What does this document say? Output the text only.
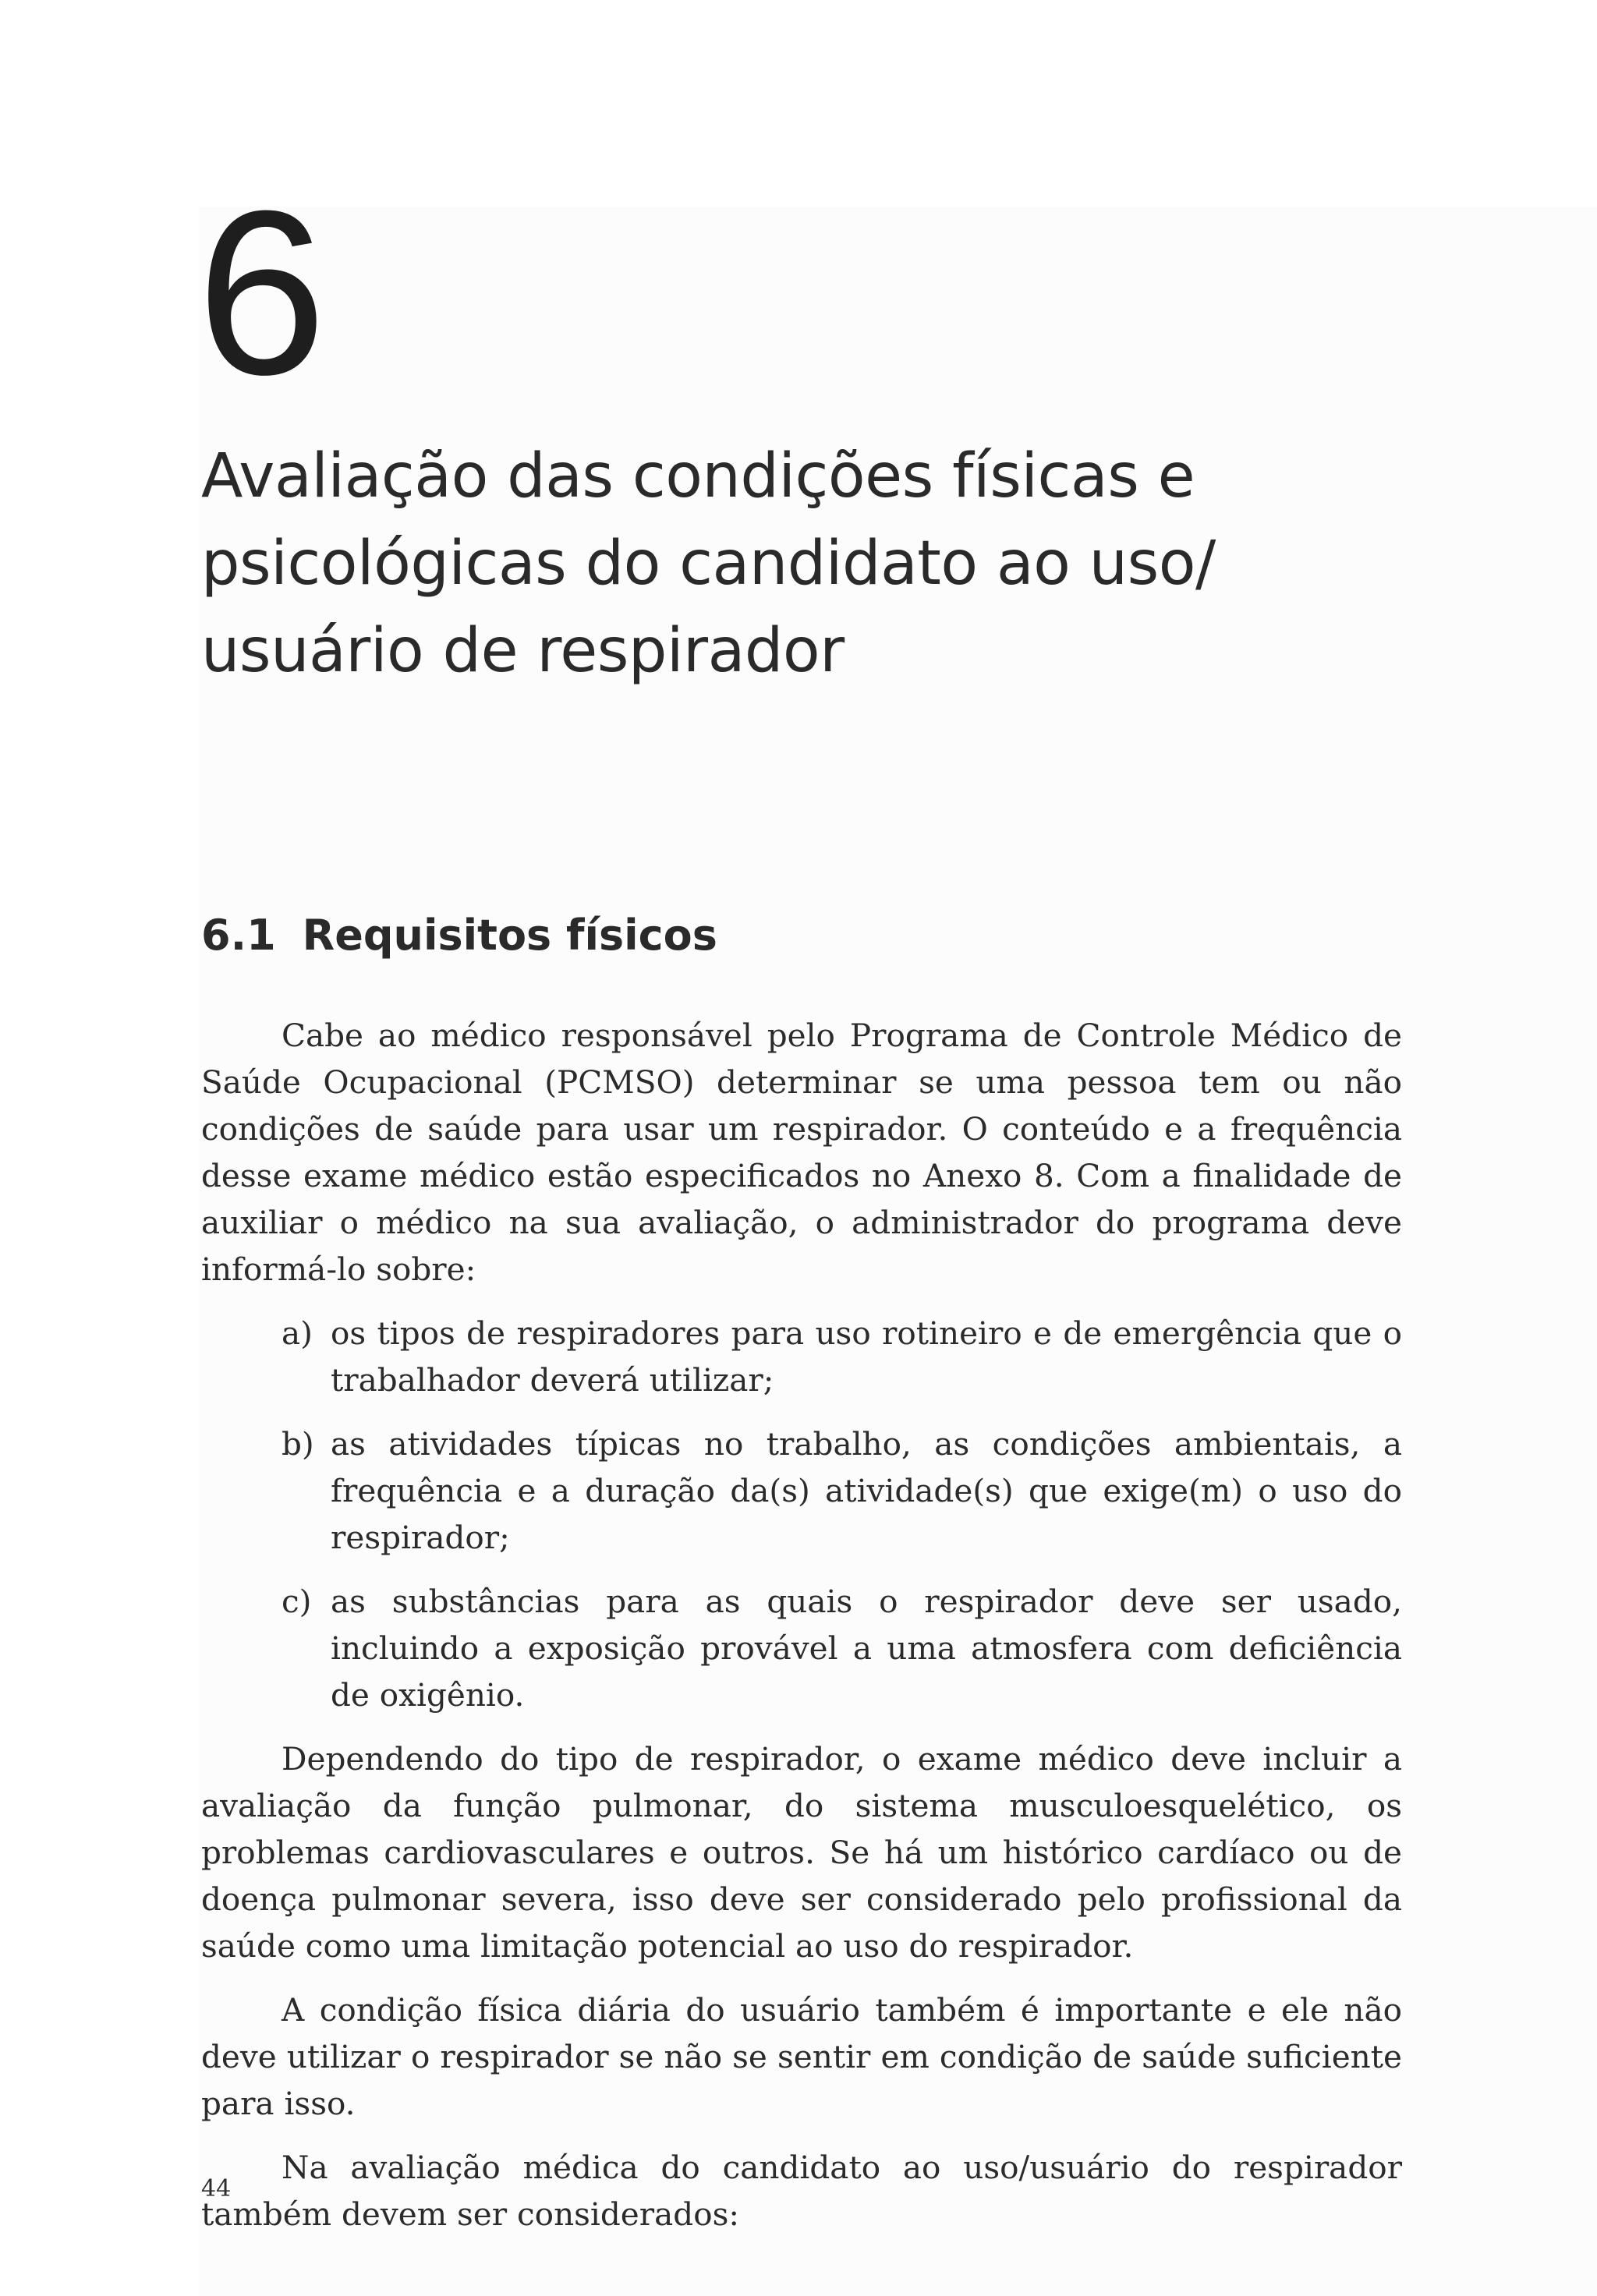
6
Avaliação das condições físicas e
psicológicas do candidato ao uso/
usuário de respirador
6.1 Requisitos físicos

Cabe ao médico responsável pelo Programa de Controle Médico de Saúde Ocupacional (PCMSO) determinar se uma pessoa tem ou não condições de saúde para usar um respirador. O conteúdo e a frequência desse exame médico estão especificados no Anexo 8. Com a finalidade de auxiliar o médico na sua avaliação, o administrador do programa deve informá-lo sobre:

a) os tipos de respiradores para uso rotineiro e de emergência que o trabalhador deverá utilizar;
b) as atividades típicas no trabalho, as condições ambientais, a frequência e a duração da(s) atividade(s) que exige(m) o uso do respirador;
c) as substâncias para as quais o respirador deve ser usado, incluindo a exposição provável a uma atmosfera com deficiência de oxigênio.

Dependendo do tipo de respirador, o exame médico deve incluir a avaliação da função pulmonar, do sistema musculoesquelético, os problemas cardiovasculares e outros. Se há um histórico cardíaco ou de doença pulmonar severa, isso deve ser considerado pelo profissional da saúde como uma limitação potencial ao uso do respirador.

A condição física diária do usuário também é importante e ele não deve utilizar o respirador se não se sentir em condição de saúde suficiente para isso.

Na avaliação médica do candidato ao uso/usuário do respirador também devem ser considerados:

44
